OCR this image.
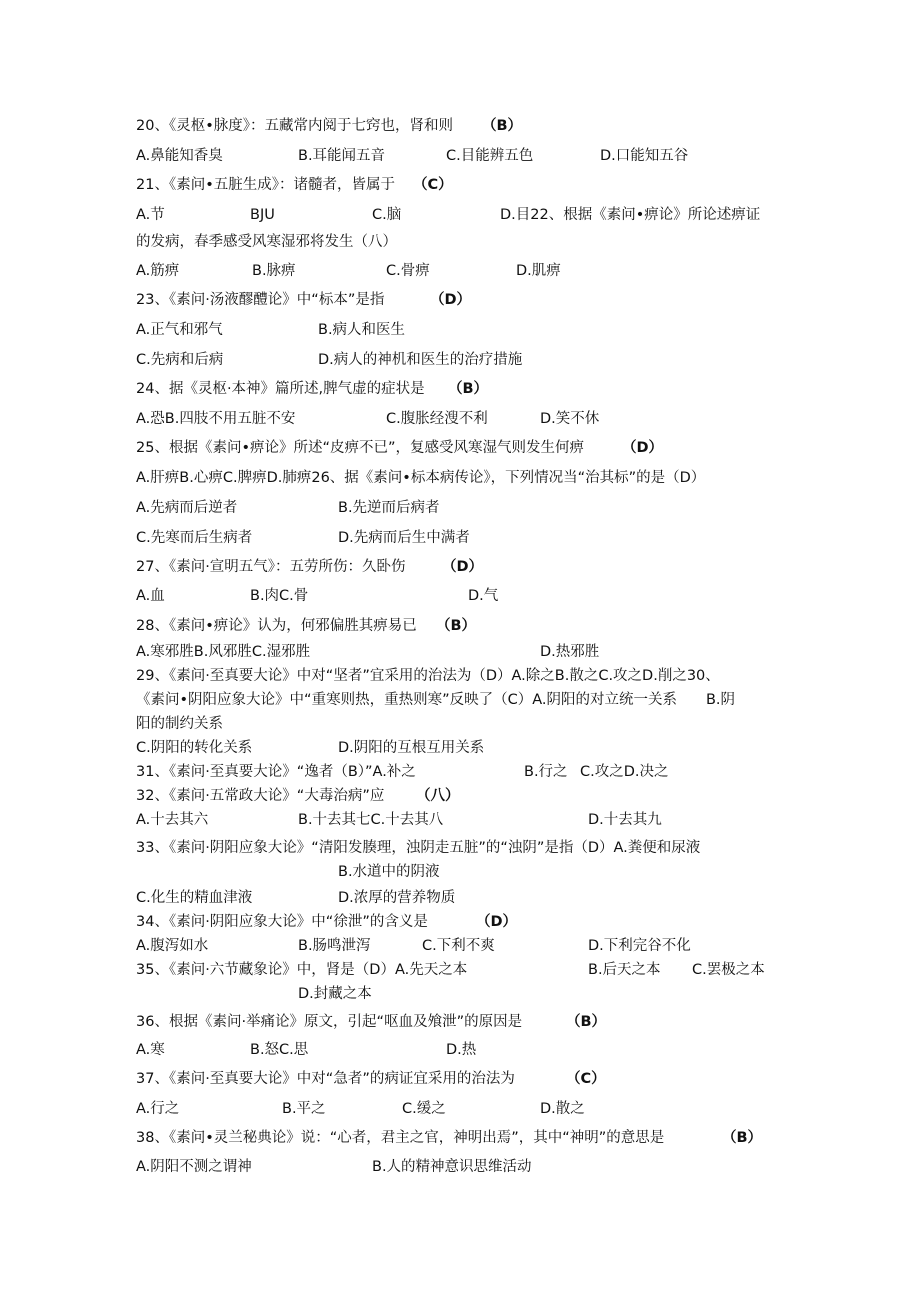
20、《灵枢•脉度》：五藏常内阅于七窍也，肾和则 （B）
A.鼻能知香臭	B.耳能闻五音	C.目能辨五色	D.口能知五谷
21、《素问•五脏生成》：诸髓者，皆属于 （C）
A.节	BJU	C.脑	D.目22、根据《素问•痹论》所论述痹证
的发病，春季感受风寒湿邪将发生（八）
A.筋痹	B.脉痹	C.骨痹	D.肌痹
23、《素问·汤液醪醴论》中“标本”是指	（D）
A.正气和邪气	B.病人和医生
C.先病和后病	D.病人的神机和医生的治疗措施
24、据《灵枢·本神》篇所述,脾气虚的症状是 （B）
A.恐B.四肢不用五脏不安	C.腹胀经溲不利	D.笑不休
25、根据《素问•痹论》所述“皮痹不已”，复感受风寒湿气则发生何痹	（D）
A.肝痹B.心痹C.脾痹D.肺痹26、据《素问•标本病传论》，下列情况当“治其标”的是（D）
A.先病而后逆者	B.先逆而后病者
C.先寒而后生病者	D.先病而后生中满者
27、《素问·宣明五气》：五劳所伤：久卧伤	（D）
A.血	B.肉C.骨	D.气
28、《素问•痹论》认为，何邪偏胜其痹易已 （B）
A.寒邪胜B.风邪胜C.湿邪胜	D.热邪胜
29、《素问·至真要大论》中对“坚者”宜采用的治法为（D）A.除之B.散之C.攻之D.削之30、
《素问•阴阳应象大论》中“重寒则热，重热则寒”反映了（C）A.阴阳的对立统一关系　　B.阴
阳的制约关系
C.阴阳的转化关系	D.阴阳的互根互用关系
31、《素问·至真要大论》“逸者（B）”A.补之	B.行之 C.攻之D.决之
32、《素问·五常政大论》“大毒治病”应 （八）
A.十去其六	B.十去其七C.十去其八	D.十去其九
33、《素问·阴阳应象大论》“清阳发腠理，浊阴走五脏”的“浊阴”是指（D）A.粪便和尿液
B.水道中的阴液
C.化生的精血津液	D.浓厚的营养物质
34、《素问·阴阳应象大论》中“徐泄”的含义是	（D）
A.腹泻如水	B.肠鸣泄泻	C.下利不爽	D.下利完谷不化
35、《素问·六节藏象论》中，肾是（D）A.先天之本	B.后天之本 C.罢极之本
D.封藏之本
36、根据《素问·举痛论》原文，引起“呕血及飧泄”的原因是	（B）
A.寒	B.怒C.思	D.热
37、《素问·至真要大论》中对“急者”的病证宜采用的治法为	（C）
A.行之	B.平之	C.缓之	D.散之
38、《素问•灵兰秘典论》说：“心者，君主之官，神明出焉”，其中“神明”的意思是	（B）
A.阴阳不测之谓神	B.人的精神意识思维活动
